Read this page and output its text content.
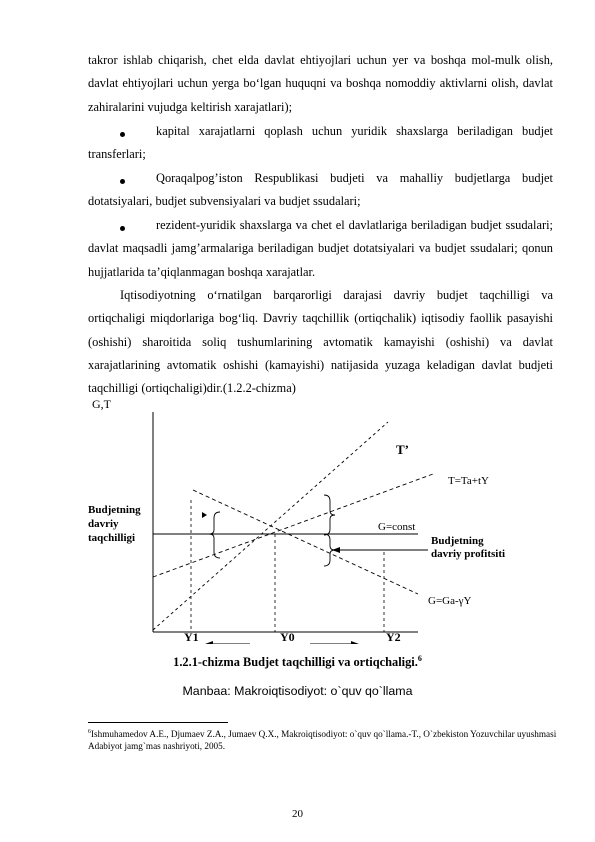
takror ishlab chiqarish, chet elda davlat ehtiyojlari uchun yer va boshqa mol-mulk olish, davlat ehtiyojlari uchun yerga bo‘lgan huquqni va boshqa nomoddiy aktivlarni olish, davlat zahiralarini vujudga keltirish xarajatlari);

kapital xarajatlarni qoplash uchun yuridik shaxslarga beriladigan budjet transferlari;

Qoraqalpog’iston Respublikasi budjeti va mahalliy budjetlarga budjet dotatsiyalari, budjet subvensiyalari va budjet ssudalari;

rezident-yuridik shaxslarga va chet el davlatlariga beriladigan budjet ssudalari; davlat maqsadli jamg’armalariga beriladigan budjet dotatsiyalari va budjet ssudalari; qonun hujjatlarida ta’qiqlanmagan boshqa xarajatlar.

Iqtisodiyotning o‘rnatilgan barqarorligi darajasi davriy budjet taqchilligi va ortiqchaligi miqdorlariga bog‘liq. Davriy taqchillik (ortiqchalik) iqtisodiy faollik pasayishi (oshishi) sharoitida soliq tushumlarining avtomatik kamayishi (oshishi) va davlat xarajatlarining avtomatik oshishi (kamayishi) natijasida yuzaga keladigan davlat budjeti taqchilligi (ortiqchaligi)dir.(1.2.2-chizma)

G,T
T’
T=Ta+tY
G=const
G=Ga-γY
Budjetning
davriy
taqchilligi	Budjetning
davriy profitsiti
Y1	Y0	Y2
1.2.1-chizma Budjet taqchilligi va ortiqchaligi.$^6$
Manbaa: Makroiqtisodiyot: o`quv qo`llama
$^6$Ishmuhamedov A.E., Djumaev Z.A., Jumaev Q.X., Makroiqtisodiyot: o`quv qo`llama.-T., O`zbekiston Yozuvchilar uyushmasi Adabiyot jamg`mas nashriyoti, 2005.
20
